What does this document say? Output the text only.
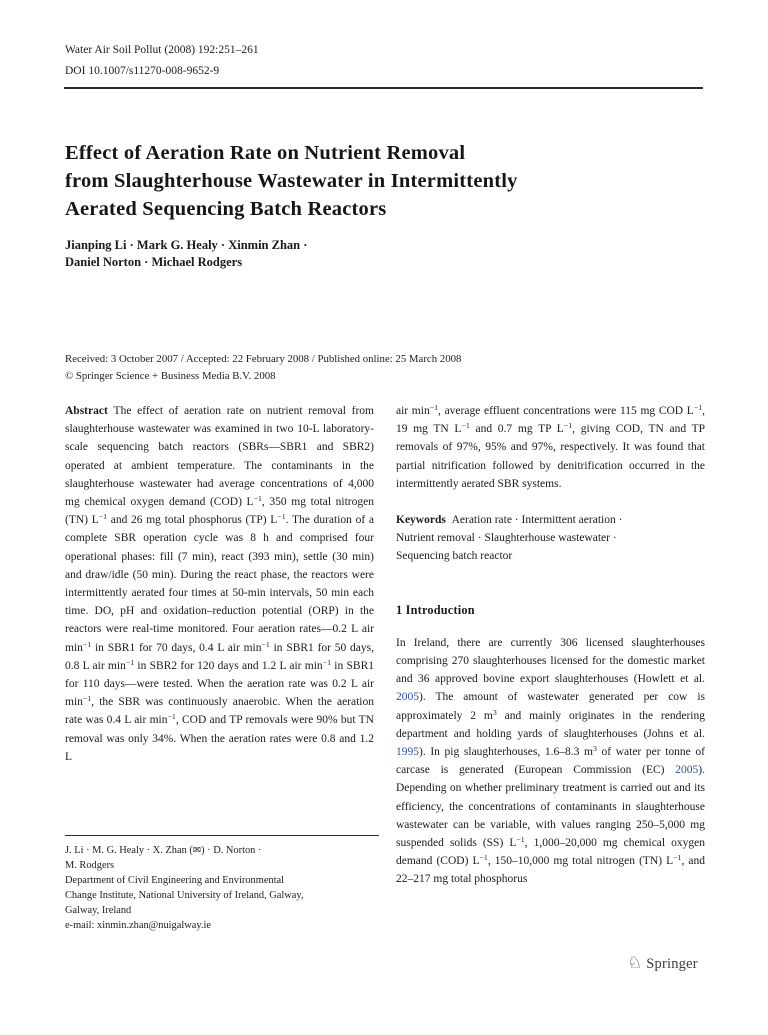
Water Air Soil Pollut (2008) 192:251–261
DOI 10.1007/s11270-008-9652-9
Effect of Aeration Rate on Nutrient Removal
from Slaughterhouse Wastewater in Intermittently
Aerated Sequencing Batch Reactors
Jianping Li · Mark G. Healy · Xinmin Zhan ·
Daniel Norton · Michael Rodgers
Received: 3 October 2007 / Accepted: 22 February 2008 / Published online: 25 March 2008
© Springer Science + Business Media B.V. 2008

Abstract The effect of aeration rate on nutrient removal from slaughterhouse wastewater was examined in two 10-L laboratory-scale sequencing batch reactors (SBRs—SBR1 and SBR2) operated at ambient temperature. The contaminants in the slaughterhouse wastewater had average concentrations of 4,000 mg chemical oxygen demand (COD) $L^{-1}$, 350 mg total nitrogen (TN) $L^{-1}$ and 26 mg total phosphorus (TP) $L^{-1}$. The duration of a complete SBR operation cycle was 8 h and comprised four operational phases: fill (7 min), react (393 min), settle (30 min) and draw/idle (50 min). During the react phase, the reactors were intermittently aerated four times at 50-min intervals, 50 min each time. DO, pH and oxidation–reduction potential (ORP) in the reactors were real-time monitored. Four aeration rates—0.2 L air $\min^{-1}$ in SBR1 for 70 days, 0.4 L air $\min^{-1}$ in SBR1 for 50 days, 0.8 L air $\min^{-1}$ in SBR2 for 120 days and 1.2 L air $\min^{-1}$ in SBR1 for 110 days—were tested. When the aeration rate was 0.2 L air $\min^{-1}$, the SBR was continuously anaerobic. When the aeration rate was 0.4 L air $\min^{-1}$, COD and TP removals were 90% but TN removal was only 34%. When the aeration rates were 0.8 and 1.2 L

air $\min^{-1}$, average effluent concentrations were 115 mg COD $L^{-1}$, 19 mg TN $L^{-1}$ and 0.7 mg TP $L^{-1}$, giving COD, TN and TP removals of 97%, 95% and 97%, respectively. It was found that partial nitrification followed by denitrification occurred in the intermittently aerated SBR systems.

Keywords Aeration rate · Intermittent aeration ·
Nutrient removal · Slaughterhouse wastewater ·
Sequencing batch reactor

1 Introduction

In Ireland, there are currently 306 licensed slaughterhouses comprising 270 slaughterhouses licensed for the domestic market and 36 approved bovine export slaughterhouses (Howlett et al. 2005). The amount of wastewater generated per cow is approximately 2 $m^3$ and mainly originates in the rendering department and holding yards of slaughterhouses (Johns et al. 1995). In pig slaughterhouses, 1.6–8.3 $m^3$ of water per tonne of carcase is generated (European Commission (EC) 2005). Depending on whether preliminary treatment is carried out and its efficiency, the concentrations of contaminants in slaughterhouse wastewater can be variable, with values ranging 250–5,000 mg suspended solids (SS) $L^{-1}$, 1,000–20,000 mg chemical oxygen demand (COD) $L^{-1}$, 150–10,000 mg total nitrogen (TN) $L^{-1}$, and 22–217 mg total phosphorus

J. Li · M. G. Healy · X. Zhan (✉) · D. Norton ·
M. Rodgers
Department of Civil Engineering and Environmental
Change Institute, National University of Ireland, Galway,
Galway, Ireland
e-mail: xinmin.zhan@nuigalway.ie
♘ Springer
